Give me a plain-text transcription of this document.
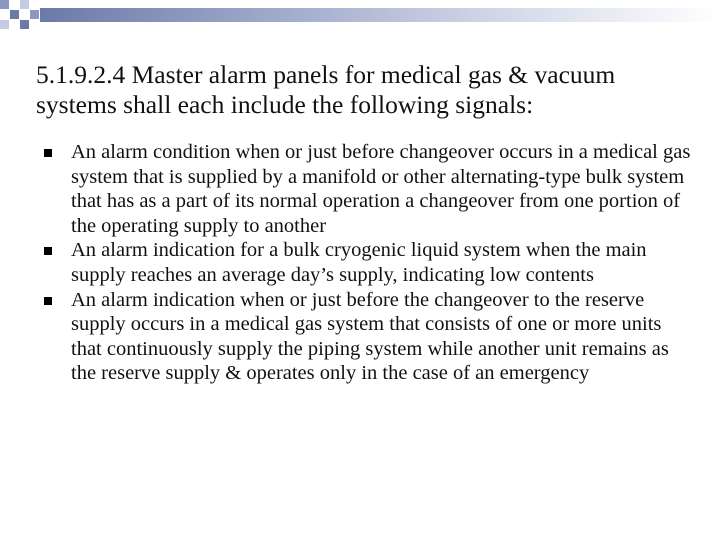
5.1.9.2.4 Master alarm panels for medical gas & vacuum systems shall each include the following signals:
An alarm condition when or just before changeover occurs in a medical gas system that is supplied by a manifold or other alternating-type bulk system that has as a part of its normal operation a changeover from one portion of the operating supply to another
An alarm indication for a bulk cryogenic liquid system when the main supply reaches an average day’s supply, indicating low contents
An alarm indication when or just before the changeover to the reserve supply occurs in a medical gas system that consists of one or more units that continuously supply the piping system while another unit remains as the reserve supply & operates only in the case of an emergency
